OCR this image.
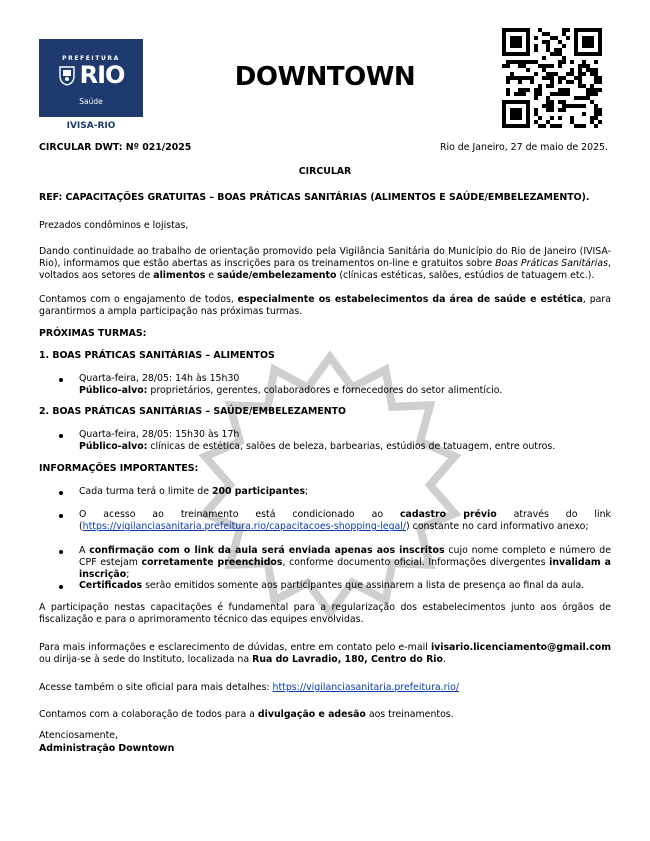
PREFEITURA
RIO
Saúde
IVISA-RIO
DOWNTOWN
CIRCULAR DWT: Nº 021/2025	Rio de Janeiro, 27 de maio de 2025.
CIRCULAR
REF: CAPACITAÇÕES GRATUITAS – BOAS PRÁTICAS SANITÁRIAS (ALIMENTOS E SAÚDE/EMBELEZAMENTO).
Prezados condôminos e lojistas,
Dando continuidade ao trabalho de orientação promovido pela Vigilância Sanitária do Município do Rio de Janeiro (IVISA-Rio), informamos que estão abertas as inscrições para os treinamentos on-line e gratuitos sobre Boas Práticas Sanitárias, voltados aos setores de alimentos e saúde/embelezamento (clínicas estéticas, salões, estúdios de tatuagem etc.).
Contamos com o engajamento de todos, especialmente os estabelecimentos da área de saúde e estética, para garantirmos a ampla participação nas próximas turmas.
PRÓXIMAS TURMAS:
1. BOAS PRÁTICAS SANITÁRIAS – ALIMENTOS
Quarta-feira, 28/05: 14h às 15h30
Público-alvo: proprietários, gerentes, colaboradores e fornecedores do setor alimentício.
2. BOAS PRÁTICAS SANITÁRIAS – SAÚDE/EMBELEZAMENTO
Quarta-feira, 28/05: 15h30 às 17h
Público-alvo: clínicas de estética, salões de beleza, barbearias, estúdios de tatuagem, entre outros.
INFORMAÇÕES IMPORTANTES:
Cada turma terá o limite de 200 participantes;
O acesso ao treinamento está condicionado ao cadastro prévio através do link (https://vigilanciasanitaria.prefeitura.rio/capacitacoes-shopping-legal/) constante no card informativo anexo;
A confirmação com o link da aula será enviada apenas aos inscritos cujo nome completo e número de CPF estejam corretamente preenchidos, conforme documento oficial. Informações divergentes invalidam a inscrição;
Certificados serão emitidos somente aos participantes que assinarem a lista de presença ao final da aula.
A participação nestas capacitações é fundamental para a regularização dos estabelecimentos junto aos órgãos de fiscalização e para o aprimoramento técnico das equipes envolvidas.
Para mais informações e esclarecimento de dúvidas, entre em contato pelo e-mail ivisario.licenciamento@gmail.com ou dirija-se à sede do Instituto, localizada na Rua do Lavradio, 180, Centro do Rio.
Acesse também o site oficial para mais detalhes: https://vigilanciasanitaria.prefeitura.rio/
Contamos com a colaboração de todos para a divulgação e adesão aos treinamentos.
Atenciosamente,
Administração Downtown
